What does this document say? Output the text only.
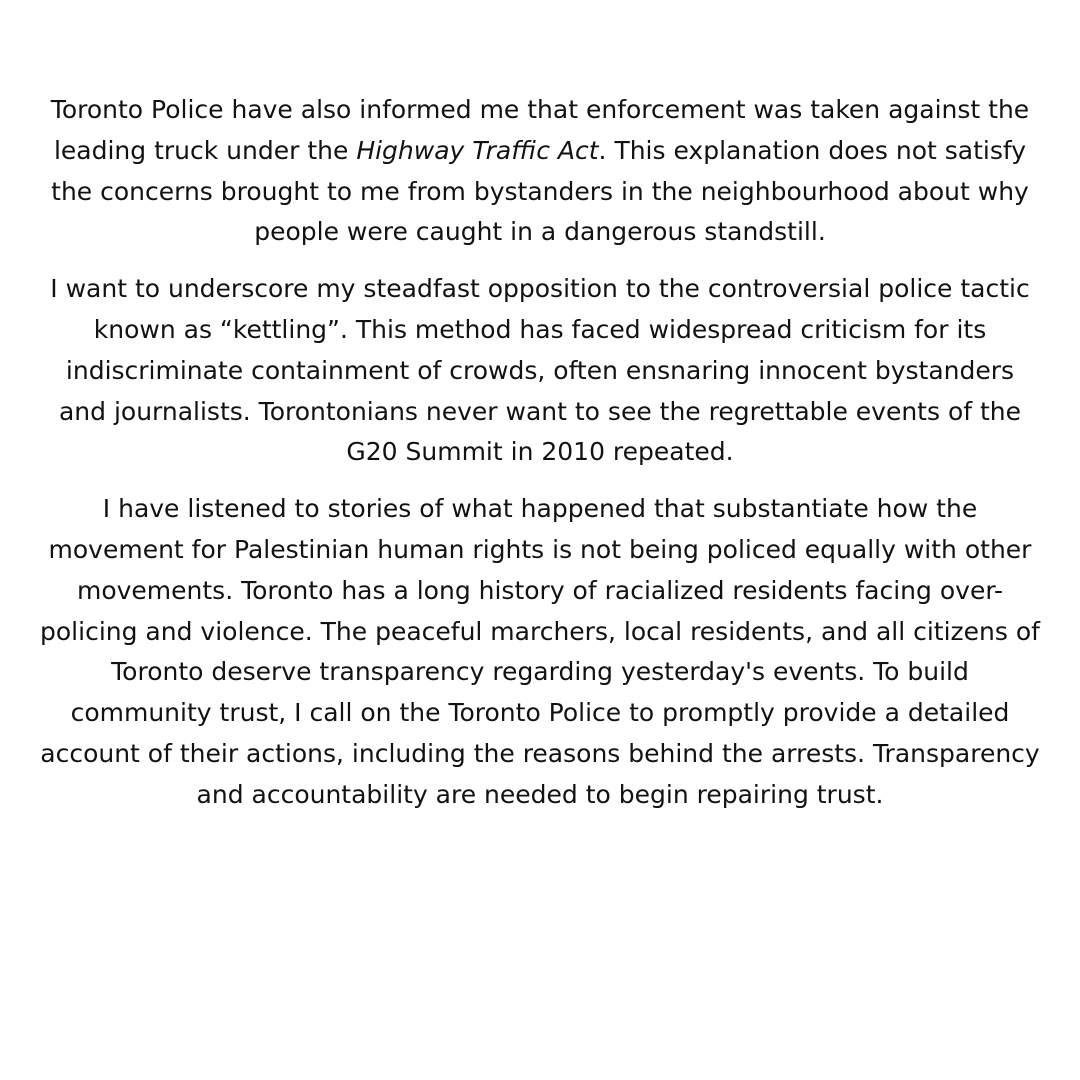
Toronto Police have also informed me that enforcement was taken against the leading truck under the Highway Traffic Act. This explanation does not satisfy the concerns brought to me from bystanders in the neighbourhood about why people were caught in a dangerous standstill.

I want to underscore my steadfast opposition to the controversial police tactic known as “kettling”. This method has faced widespread criticism for its indiscriminate containment of crowds, often ensnaring innocent bystanders and journalists. Torontonians never want to see the regrettable events of the G20 Summit in 2010 repeated.

I have listened to stories of what happened that substantiate how the movement for Palestinian human rights is not being policed equally with other movements. Toronto has a long history of racialized residents facing over-policing and violence. The peaceful marchers, local residents, and all citizens of Toronto deserve transparency regarding yesterday's events. To build community trust, I call on the Toronto Police to promptly provide a detailed account of their actions, including the reasons behind the arrests. Transparency and accountability are needed to begin repairing trust.
